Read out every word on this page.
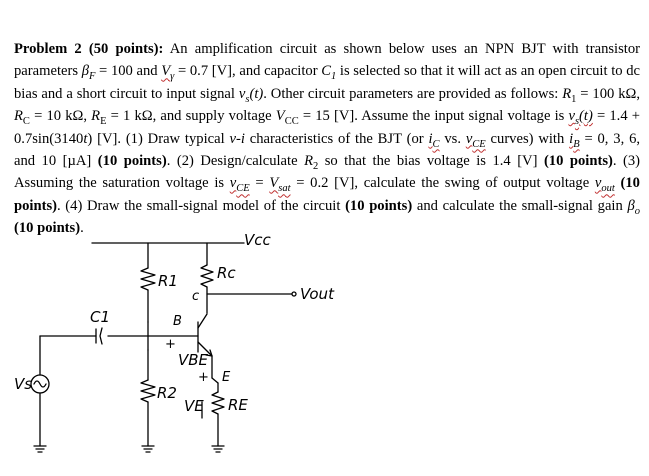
Problem 2 (50 points): An amplification circuit as shown below uses an NPN BJT with transistor parameters $\beta_F = 100$ and $V_\gamma = 0.7$ [V], and capacitor $C_1$ is selected so that it will act as an open circuit to dc bias and a short circuit to input signal $v_s(t)$. Other circuit parameters are provided as follows: $R_1 = 100$ kΩ, $R_C = 10$ kΩ, $R_E = 1$ kΩ, and supply voltage $V_{CC} = 15$ [V]. Assume the input signal voltage is $v_s(t) = 1.4 + 0.7\sin(3140t)$ [V]. (1) Draw typical v-i characteristics of the BJT (or $i_C$ vs. $v_{CE}$ curves) with $i_B = 0$, 3, 6, and 10 [µA] (10 points). (2) Design/calculate $R_2$ so that the bias voltage is 1.4 [V] (10 points). (3) Assuming the saturation voltage is $v_{CE} = V_{sat} = 0.2$ [V], calculate the swing of output voltage $v_{out}$ (10 points). (4) Draw the small-signal model of the circuit (10 points) and calculate the small-signal gain $\beta_o$ (10 points).

Vcc
R1	Rc
c	Vout
C1	B
+
VBE
+ E
Vs	R2
VE RE
